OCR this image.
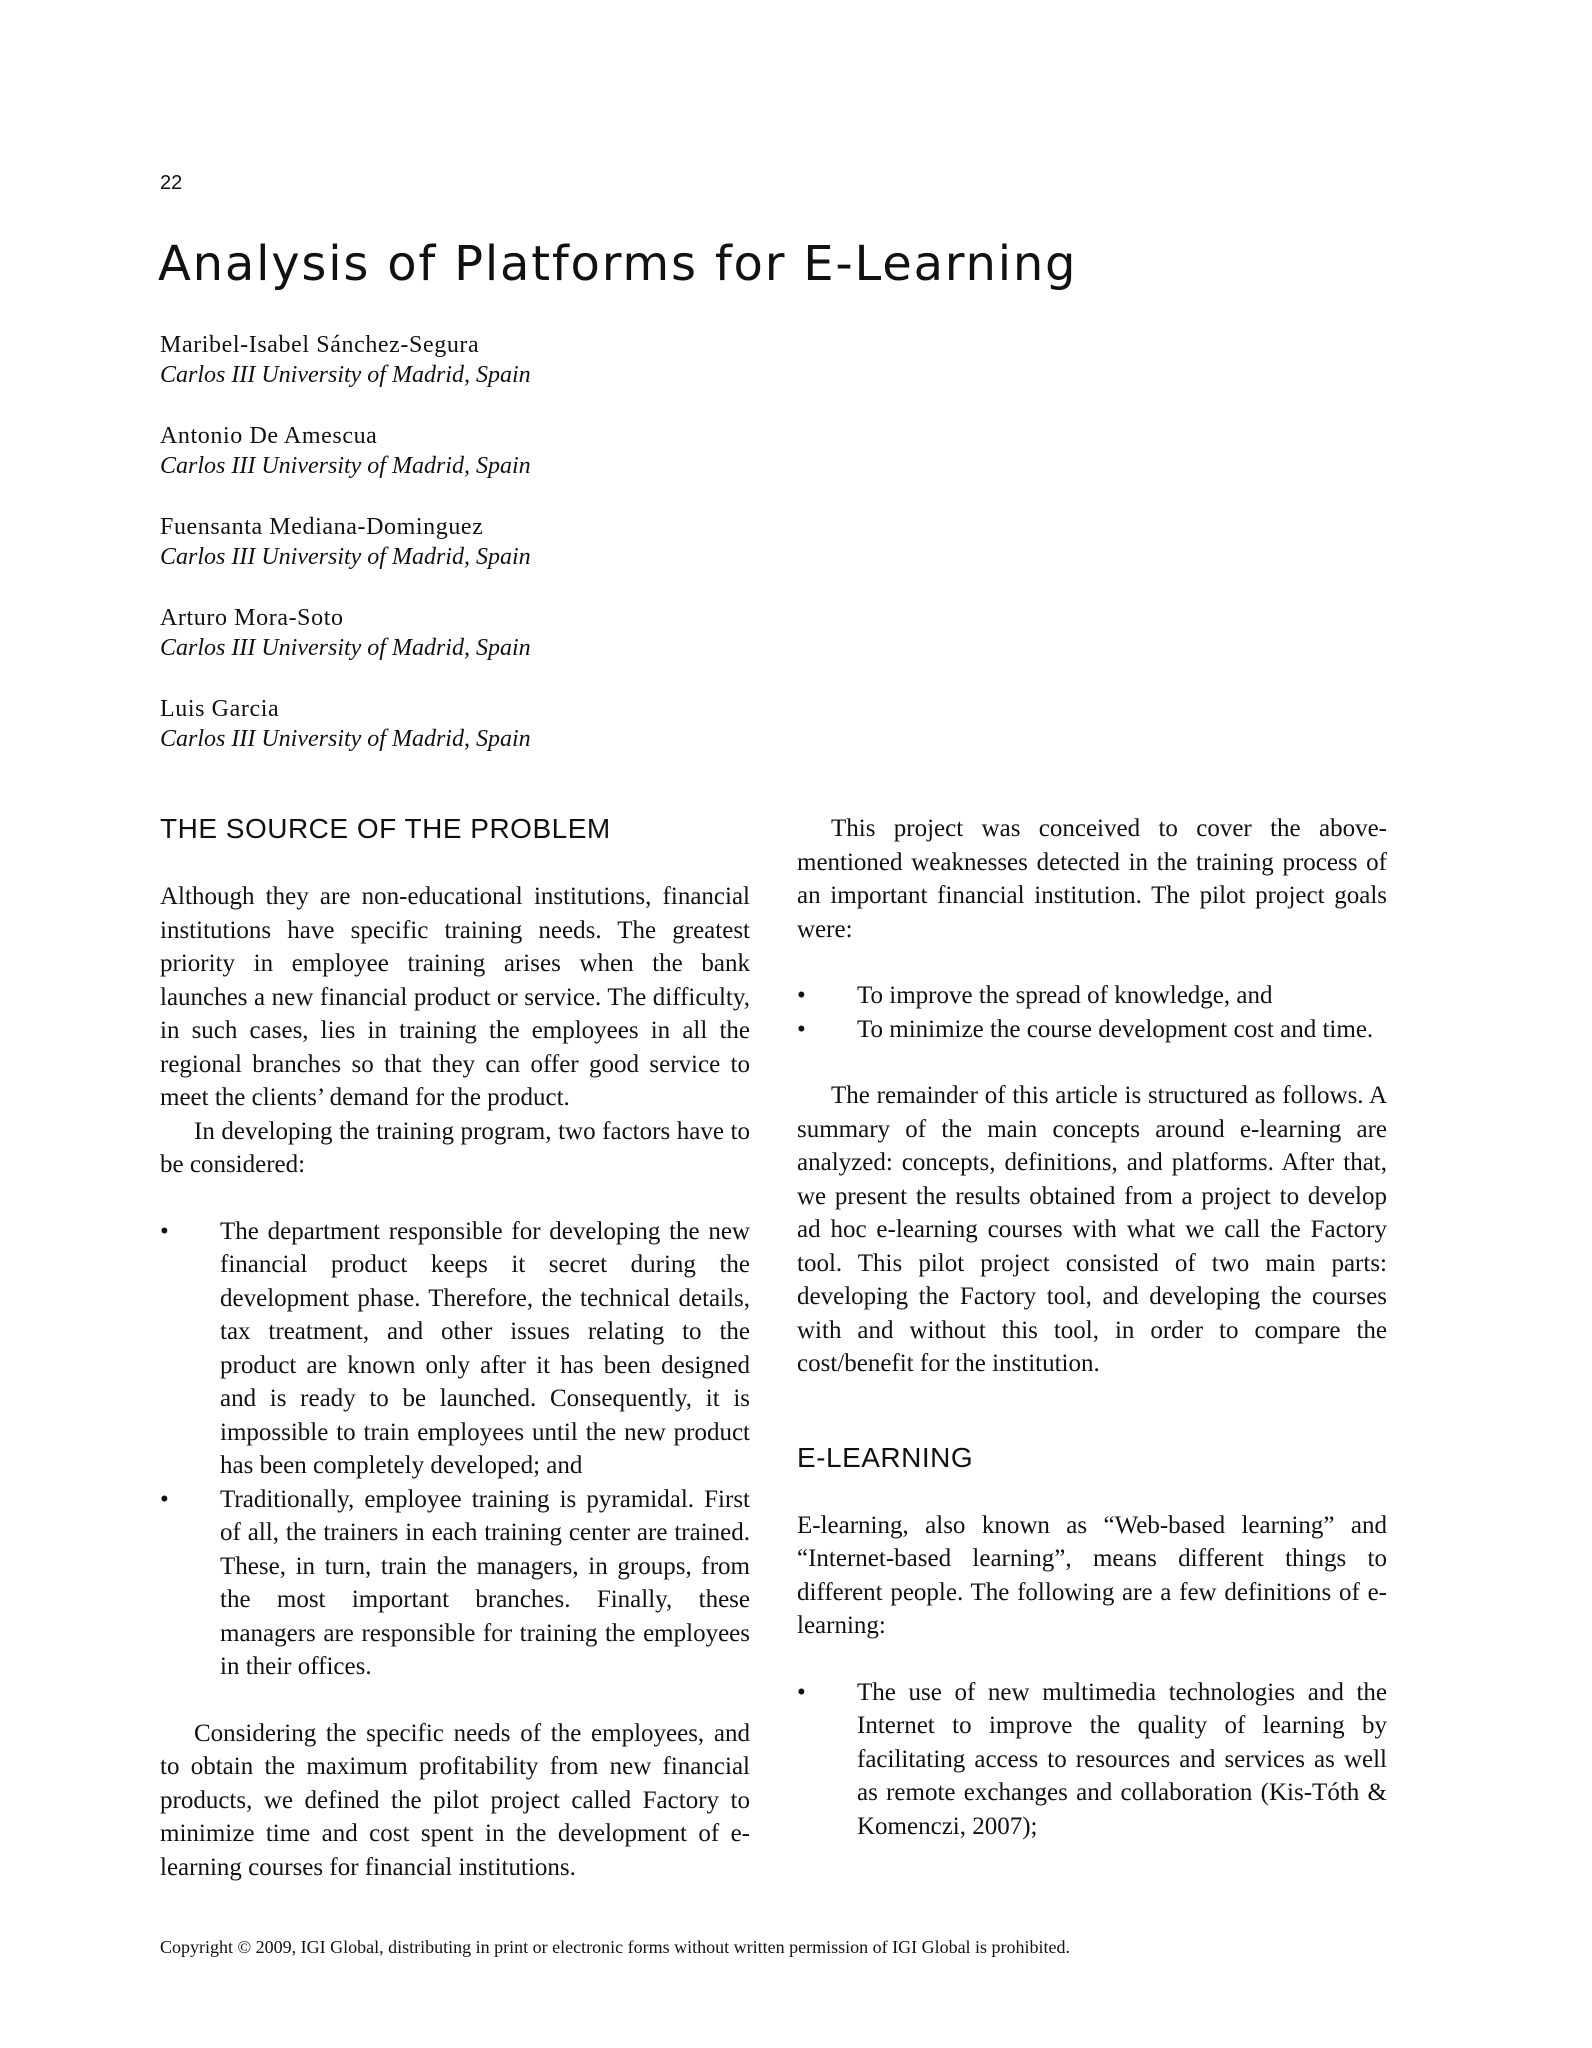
22
Analysis of Platforms for E-Learning
Maribel-Isabel Sánchez-Segura
Carlos III University of Madrid, Spain
Antonio De Amescua
Carlos III University of Madrid, Spain
Fuensanta Mediana-Dominguez
Carlos III University of Madrid, Spain
Arturo Mora-Soto
Carlos III University of Madrid, Spain
Luis Garcia
Carlos III University of Madrid, Spain
THE SOURCE OF THE PROBLEM

Although they are non-educational institutions, financial institutions have specific training needs. The greatest priority in employee training arises when the bank launches a new financial product or service. The difficulty, in such cases, lies in training the employees in all the regional branches so that they can offer good service to meet the clients’ demand for the product.

In developing the training program, two factors have to be considered:

• The department responsible for developing the new financial product keeps it secret during the development phase. Therefore, the technical details, tax treatment, and other issues relating to the product are known only after it has been designed and is ready to be launched. Consequently, it is impossible to train employees until the new product has been completely developed; and
• Traditionally, employee training is pyramidal. First of all, the trainers in each training center are trained. These, in turn, train the managers, in groups, from the most important branches. Finally, these managers are responsible for training the employees in their offices.

Considering the specific needs of the employees, and to obtain the maximum profitability from new financial products, we defined the pilot project called Factory to minimize time and cost spent in the development of e-learning courses for financial institutions.

This project was conceived to cover the above-mentioned weaknesses detected in the training process of an important financial institution. The pilot project goals were:

• To improve the spread of knowledge, and
• To minimize the course development cost and time.

The remainder of this article is structured as follows. A summary of the main concepts around e-learning are analyzed: concepts, definitions, and platforms. After that, we present the results obtained from a project to develop ad hoc e-learning courses with what we call the Factory tool. This pilot project consisted of two main parts: developing the Factory tool, and developing the courses with and without this tool, in order to compare the cost/benefit for the institution.

E-LEARNING

E-learning, also known as “Web-based learning” and “Internet-based learning”, means different things to different people. The following are a few definitions of e-learning:

• The use of new multimedia technologies and the Internet to improve the quality of learning by facilitating access to resources and services as well as remote exchanges and collaboration (Kis-Tóth & Komenczi, 2007);
Copyright © 2009, IGI Global, distributing in print or electronic forms without written permission of IGI Global is prohibited.
